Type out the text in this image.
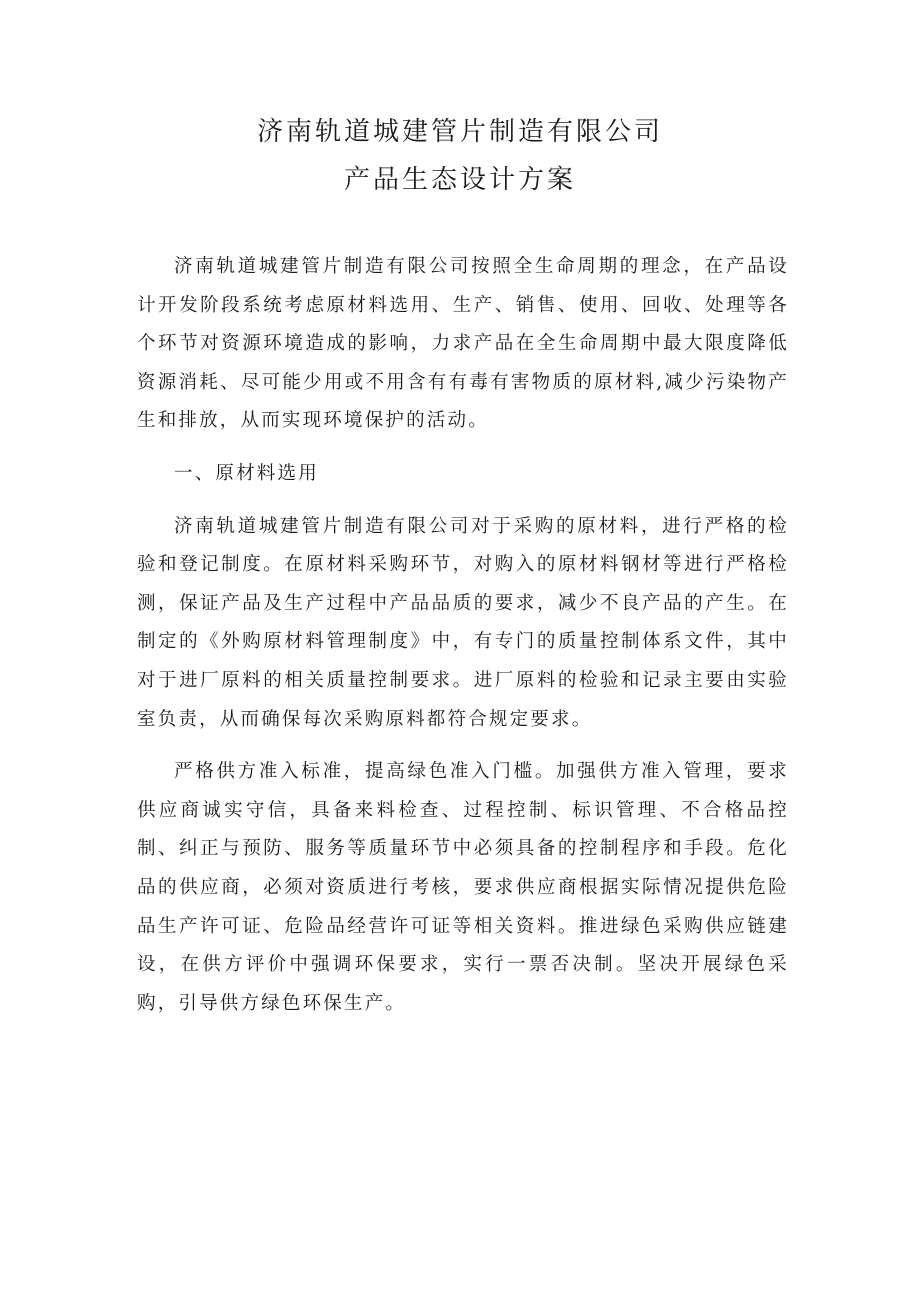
济南轨道城建管片制造有限公司
产品生态设计方案

济南轨道城建管片制造有限公司按照全生命周期的理念，在产品设计开发阶段系统考虑原材料选用、生产、销售、使用、回收、处理等各个环节对资源环境造成的影响，力求产品在全生命周期中最大限度降低资源消耗、尽可能少用或不用含有有毒有害物质的原材料,减少污染物产生和排放，从而实现环境保护的活动。

一、原材料选用

济南轨道城建管片制造有限公司对于采购的原材料，进行严格的检验和登记制度。在原材料采购环节，对购入的原材料钢材等进行严格检测，保证产品及生产过程中产品品质的要求，减少不良产品的产生。在制定的《外购原材料管理制度》中，有专门的质量控制体系文件，其中对于进厂原料的相关质量控制要求。进厂原料的检验和记录主要由实验室负责，从而确保每次采购原料都符合规定要求。

严格供方准入标准，提高绿色准入门槛。加强供方准入管理，要求供应商诚实守信，具备来料检查、过程控制、标识管理、不合格品控制、纠正与预防、服务等质量环节中必须具备的控制程序和手段。危化品的供应商，必须对资质进行考核，要求供应商根据实际情况提供危险品生产许可证、危险品经营许可证等相关资料。推进绿色采购供应链建设，在供方评价中强调环保要求，实行一票否决制。坚决开展绿色采购，引导供方绿色环保生产。
